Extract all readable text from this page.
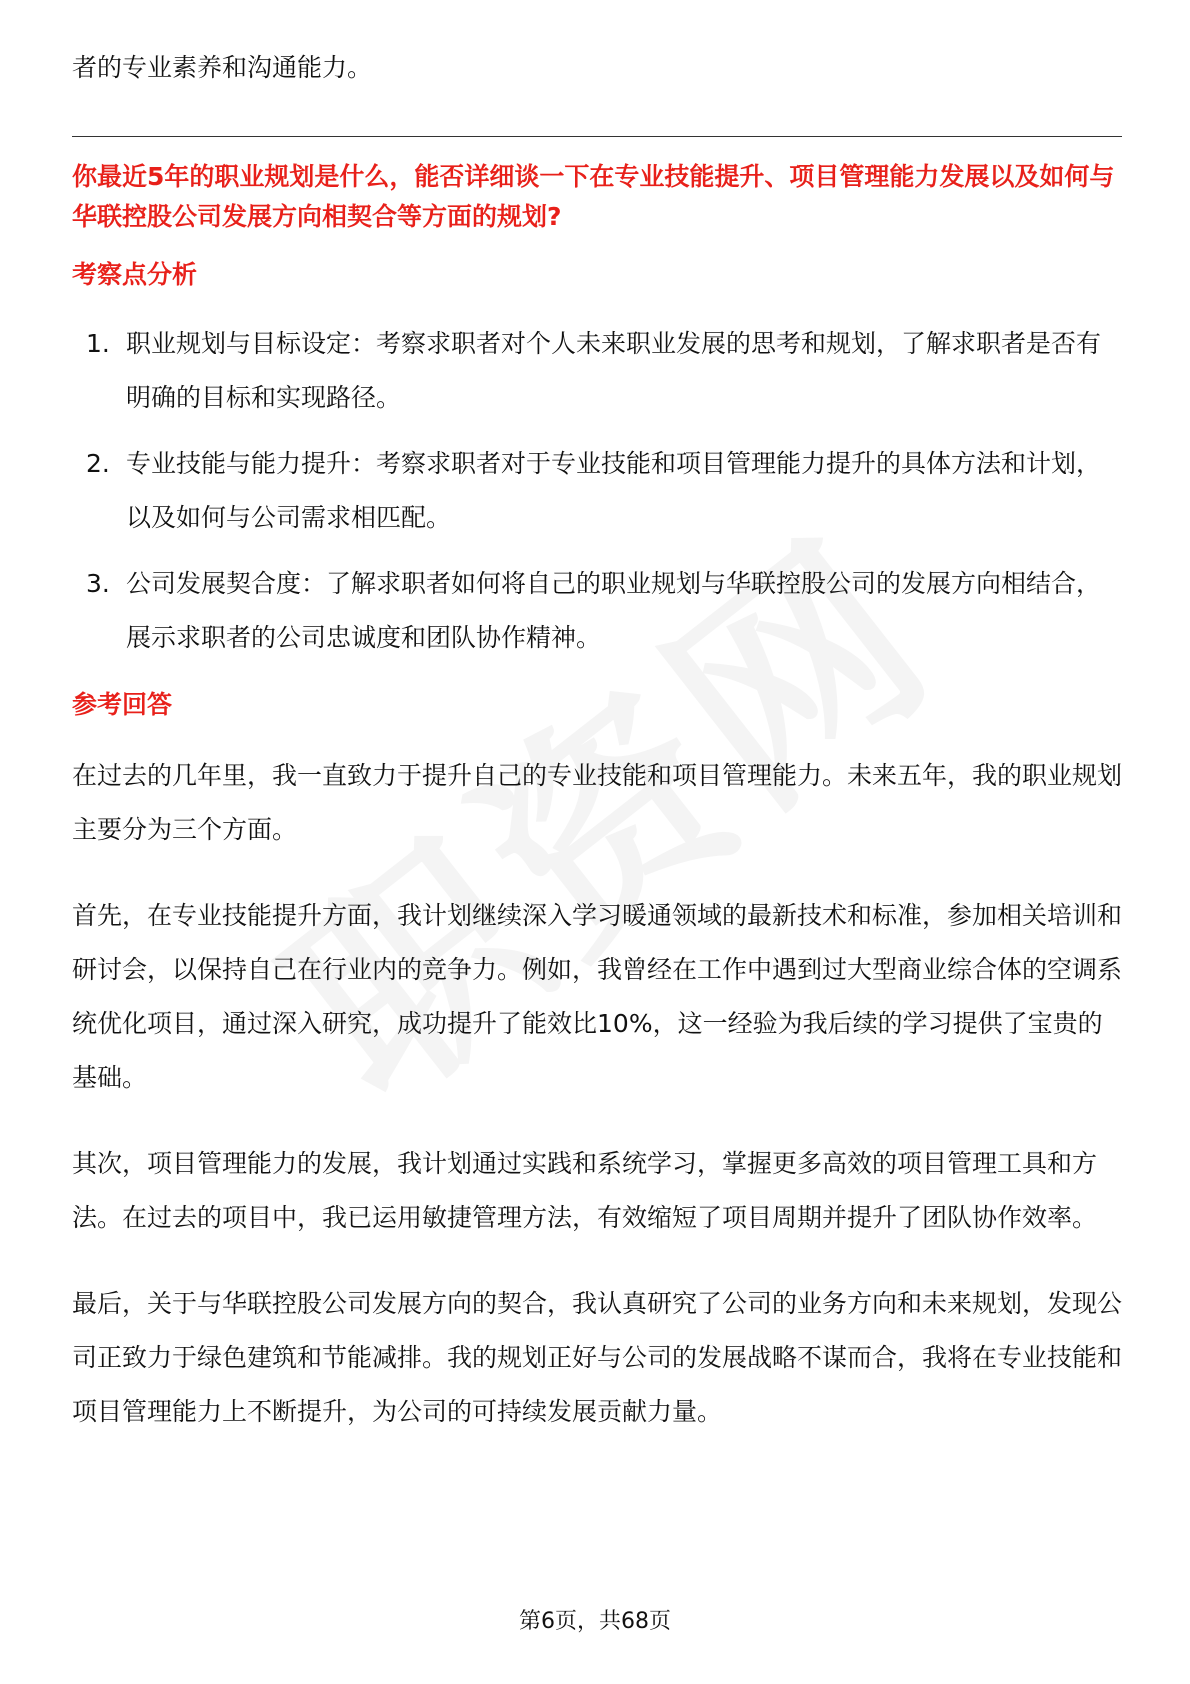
者的专业素养和沟通能力。

你最近5年的职业规划是什么，能否详细谈一下在专业技能提升、项目管理能力发展以及如何与华联控股公司发展方向相契合等方面的规划?

考察点分析

1. 职业规划与目标设定：考察求职者对个人未来职业发展的思考和规划，了解求职者是否有明确的目标和实现路径。
2. 专业技能与能力提升：考察求职者对于专业技能和项目管理能力提升的具体方法和计划，以及如何与公司需求相匹配。
3. 公司发展契合度：了解求职者如何将自己的职业规划与华联控股公司的发展方向相结合，展示求职者的公司忠诚度和团队协作精神。

参考回答

在过去的几年里，我一直致力于提升自己的专业技能和项目管理能力。未来五年，我的职业规划主要分为三个方面。

首先，在专业技能提升方面，我计划继续深入学习暖通领域的最新技术和标准，参加相关培训和研讨会，以保持自己在行业内的竞争力。例如，我曾经在工作中遇到过大型商业综合体的空调系统优化项目，通过深入研究，成功提升了能效比10%，这一经验为我后续的学习提供了宝贵的基础。

其次，项目管理能力的发展，我计划通过实践和系统学习，掌握更多高效的项目管理工具和方法。在过去的项目中，我已运用敏捷管理方法，有效缩短了项目周期并提升了团队协作效率。

最后，关于与华联控股公司发展方向的契合，我认真研究了公司的业务方向和未来规划，发现公司正致力于绿色建筑和节能减排。我的规划正好与公司的发展战略不谋而合，我将在专业技能和项目管理能力上不断提升，为公司的可持续发展贡献力量。

第6页，共68页
